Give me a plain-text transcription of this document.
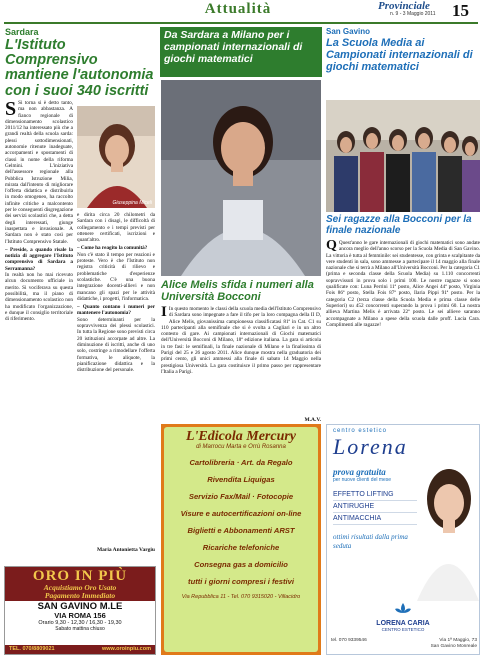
Attualità	Provinciale
n. 9 - 3 Maggio 2011 15
Sardara
L'Istituto Comprensivo mantiene l'autonomia con i suoi 340 iscritti
S Si torna si è detto tanto, ma non abbastanza. A fianco regionale di dimensionamento scolastico 2011/12 ha interessato più che a grandi realtà della scuola sarda: plessi sottodimensionati, autonomie ritenute inadeguate, accorpamenti e spostamenti di classi in nome della riforma Gelmini. L'iniziativa dell'assessore regionale alla Pubblica Istruzione Milia, mirata dall'intento di migliorare l'offerta didattica e distribuirla in modo omogeneo, ha raccolto infinite critiche a malcontento per le conseguenti disgregazione dei servizi scolastici che, a detta degli interessati, giunge inaspettata e invasionale. A Sardara non è stato così per l'Istituto Comprensivo Statale.
– Preside, a quando risale la notizia di aggregare l'Istituto comprensivo di Sardara a Serramanna?
In realtà non ho mai ricevuto alcun documento ufficiale in merito. Si vociferava su questa possibilità, ma il piano di dimensionamento scolastico non ha modificato l'organizzazione, e dunque il consiglio territoriale di riferimento.
Giuseppina Miceli
e dirita circa 20 chilometri da Sardara con i disagi, le difficoltà di collegamento e i tempi previsti per ottenere certificati, iscrizioni e quant'altro.
– Come ha reagito la comunità?
Non c'è stato il tempo per reazioni e proteste. Vero è che l'Istituto non registra criticità di rilievo e problematiche d'esperienze scolastiche. C'è una buona integrazione docenti-allievi e non mancano gli spazi per le attività didattiche, i progetti, l'informatica.
– Quanto contano i numeri per mantenere l'autonomia?
Sono determinanti per la sopravvivenza dei plessi scolastici. In tutta la Regione sono previsti circa 20 istituzioni accorpate ad altre. La diminuzione di iscritti, anche di uno solo, costringe a rimodellare l'offerta formativa, le aliquote, la pianificazione didattica e la distribuzione del personale.
Maria Antonietta Vargiu
ORO IN PIÙ
Acquistiamo Oro Usato
Pagamento Immediato
SAN GAVINO M.LE
VIA ROMA 156
Orario 9,30 - 12,30 / 16,30 - 19,30
Sabato mattina chiuso
TEL. 070/8809021	www.oroinpiu.com
Da Sardara a Milano per i campionati internazionali di giochi matematici
Alice Melis sfida i numeri alla Università Bocconi
I In questo momento le classi della scuola media dell'Istituto Comprensivo di Sardara sono impegnate a fare il tifo per la loro compagna della II D, Alice Melis, giovanissima campionessa classificatasi 81ª in Cat. C1 su 110 partecipanti alla semifinale che si è svolta a Cagliari e in un altro contesto di gare. Ai campionati internazionali di Giochi matematici dell'Università Bocconi di Milano, 18ª edizione italiana. La gara si articola in tre fasi: le semifinali, la finale nazionale di Milano e la finalissima di Parigi del 25 e 26 agosto 2011. Alice dunque mostra nella graduatoria dei primi cento, gli unici ammessi alla finale di sabato 14 Maggio nella prestigiosa Università. La gara costituisce il primo passo per rappresentare l'Italia a Parigi.
M.A.V.
L'Edicola Mercury
di Marrocu Marta e Orrù Rosanna
Cartolibreria · Art. da Regalo
Rivendita Liquigas
Servizio Fax/Mail · Fotocopie
Visure e autocertificazioni on-line
Biglietti e Abbonamenti ARST
Ricariche telefoniche
Consegna gas a domicilio
tutti i giorni compresi i festivi
Via Repubblica 11 - Tel. 070 9315020 - Villacidro
San Gavino
La Scuola Media ai Campionati internazionali di giochi matematici
Sei ragazze alla Bocconi per la finale nazionale
Q Quest'anno le gare internazionali di giochi matematici sono andate ancora meglio dell'anno scorso per la Scuola Media di San Gavino. La vittoria è tutta al femminile: sei studentesse, con grinta e scalpitante da vere studenti in sala, sono ammesse a partecipare il 14 maggio alla finale nazionale che si terrà a Milano all'Università Bocconi. Per la categoria C1 (prima e seconda classe della Scuola Media) su 1.110 concorrenti sopravvissuti in prova solo i primi 100. Le nostre ragazze si sono qualificate con: Luna Perrini 11ª posto, Alice Angei 44ª posto, Virginia Fois 86ª posto, Stella Fois 87ª posto, Ilaria Pippi 91ª posto. Per la categoria C2 (terza classe della Scuola Media e prima classe delle Superiori) su 452 concorrenti superando la prova i primi 60. La nostra allieva Martina Melis è arrivata 22ª posto. Le sei allieve saranno accompagnate a Milano a spese della scuola dalle proff. Lucia Cara. Complimenti alle ragazze!
centro estetico
Lorena
prova gratuita
per nuove clienti del mese
EFFETTO LIFTING
ANTIRUGHE
ANTIMACCHIA
ottimi risultati dalla prima seduta
LORENA CARIA
CENTRO ESTETICO
tel. 070 9339546	Via 1ª Maggio, 73
San Gavino Monreale
